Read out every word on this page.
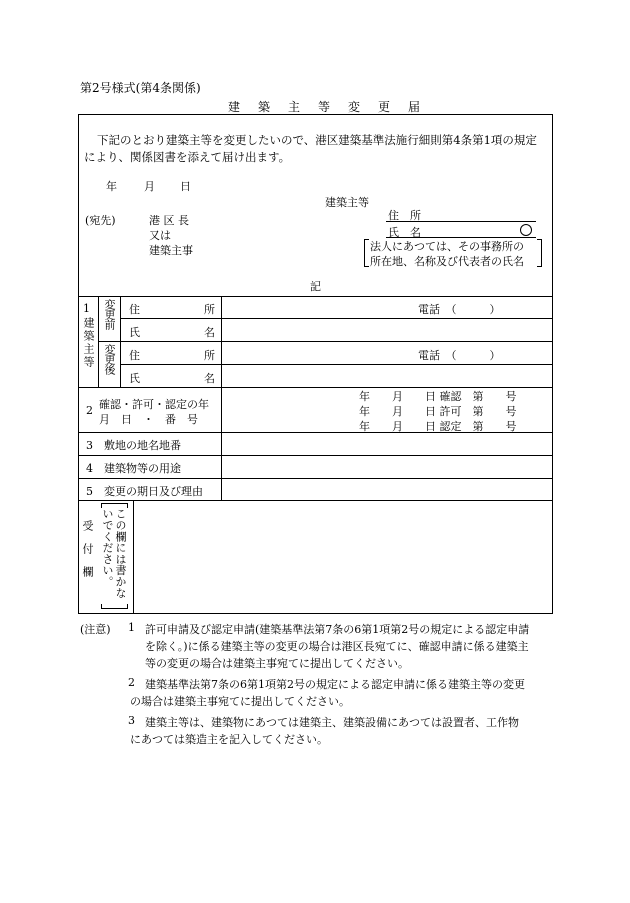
第2号様式(第4条関係)
建 築 主 等 変 更 届
下記のとおり建築主等を変更したいので、港区建築基準法施行細則第4条第1項の規定
により、関係図書を添えて届け出ます。
年 月 日
建築主等
(宛先)	港 区 長
又は
建築主事
住　所
氏　名
法人にあつては、その事務所の
所在地、名称及び代表者の氏名
記
1
建築主等
変更前
変更後
住所
氏名
住所
氏名
電話　（　　　）
電話　（　　　）
2 確認・許可・認定の年
月　日　・　番　号
年　　月　　日 確認　第　　号
年　　月　　日 許可　第　　号
年　　月　　日 認定　第　　号
3　敷地の地名地番
4　建築物等の用途
5　変更の期日及び理由
受付欄 この欄には書かな
いでください。
(注意) 1 許可申請及び認定申請(建築基準法第7条の6第1項第2号の規定による認定申請
を除く。)に係る建築主等の変更の場合は港区長宛てに、確認申請に係る建築主
等の変更の場合は建築主事宛てに提出してください。
2 建築基準法第7条の6第1項第2号の規定による認定申請に係る建築主等の変更
の場合は建築主事宛てに提出してください。
3 建築主等は、建築物にあつては建築主、建築設備にあつては設置者、工作物
にあつては築造主を記入してください。
